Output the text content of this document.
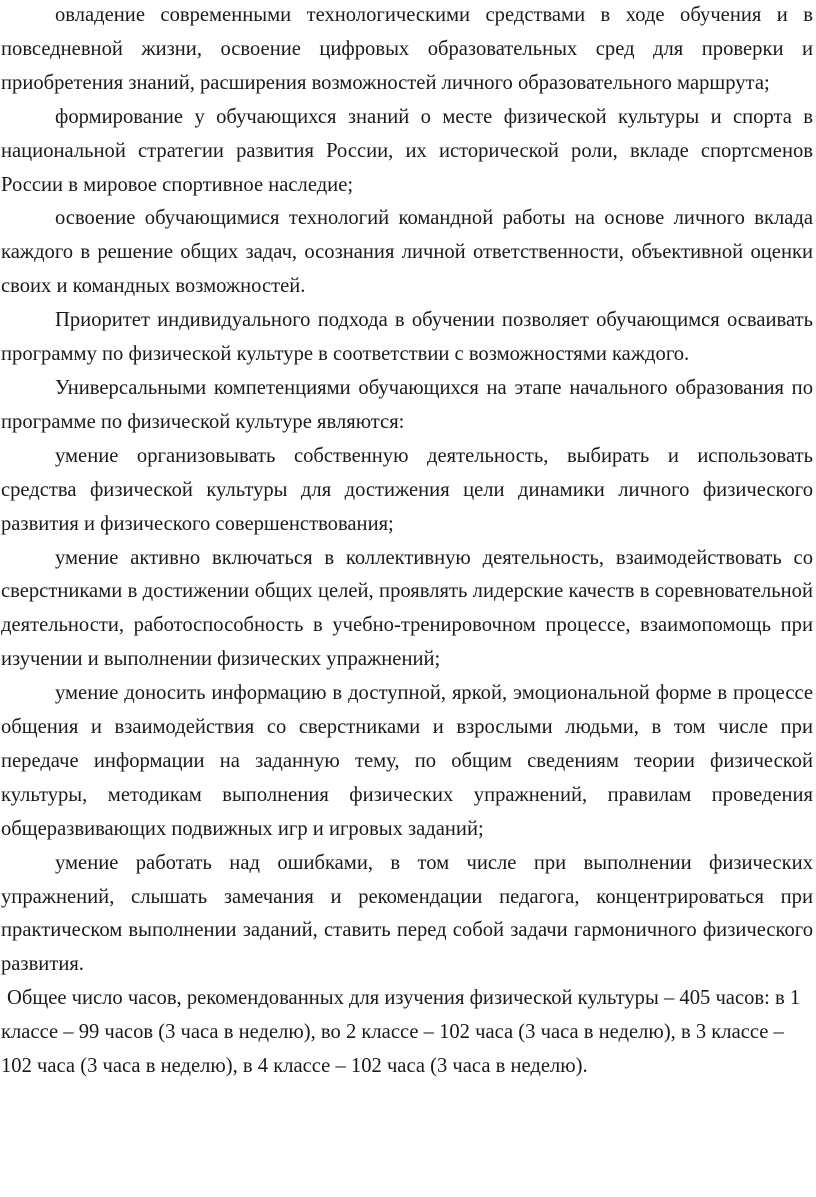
овладение современными технологическими средствами в ходе обучения и в повседневной жизни, освоение цифровых образовательных сред для проверки и приобретения знаний, расширения возможностей личного образовательного маршрута;

формирование у обучающихся знаний о месте физической культуры и спорта в национальной стратегии развития России, их исторической роли, вкладе спортсменов России в мировое спортивное наследие;

освоение обучающимися технологий командной работы на основе личного вклада каждого в решение общих задач, осознания личной ответственности, объективной оценки своих и командных возможностей.

Приоритет индивидуального подхода в обучении позволяет обучающимся осваивать программу по физической культуре в соответствии с возможностями каждого.

Универсальными компетенциями обучающихся на этапе начального образования по программе по физической культуре являются:

умение организовывать собственную деятельность, выбирать и использовать средства физической культуры для достижения цели динамики личного физического развития и физического совершенствования;

умение активно включаться в коллективную деятельность, взаимодействовать со сверстниками в достижении общих целей, проявлять лидерские качеств в соревновательной деятельности, работоспособность в учебно-тренировочном процессе, взаимопомощь при изучении и выполнении физических упражнений;

умение доносить информацию в доступной, яркой, эмоциональной форме в процессе общения и взаимодействия со сверстниками и взрослыми людьми, в том числе при передаче информации на заданную тему, по общим сведениям теории физической культуры, методикам выполнения физических упражнений, правилам проведения общеразвивающих подвижных игр и игровых заданий;

умение работать над ошибками, в том числе при выполнении физических упражнений, слышать замечания и рекомендации педагога, концентрироваться при практическом выполнении заданий, ставить перед собой задачи гармоничного физического развития.

Общее число часов, рекомендованных для изучения физической культуры – 405 часов: в 1 классе – 99 часов (3 часа в неделю), во 2 классе – 102 часа (3 часа в неделю), в 3 классе – 102 часа (3 часа в неделю), в 4 классе – 102 часа (3 часа в неделю).
